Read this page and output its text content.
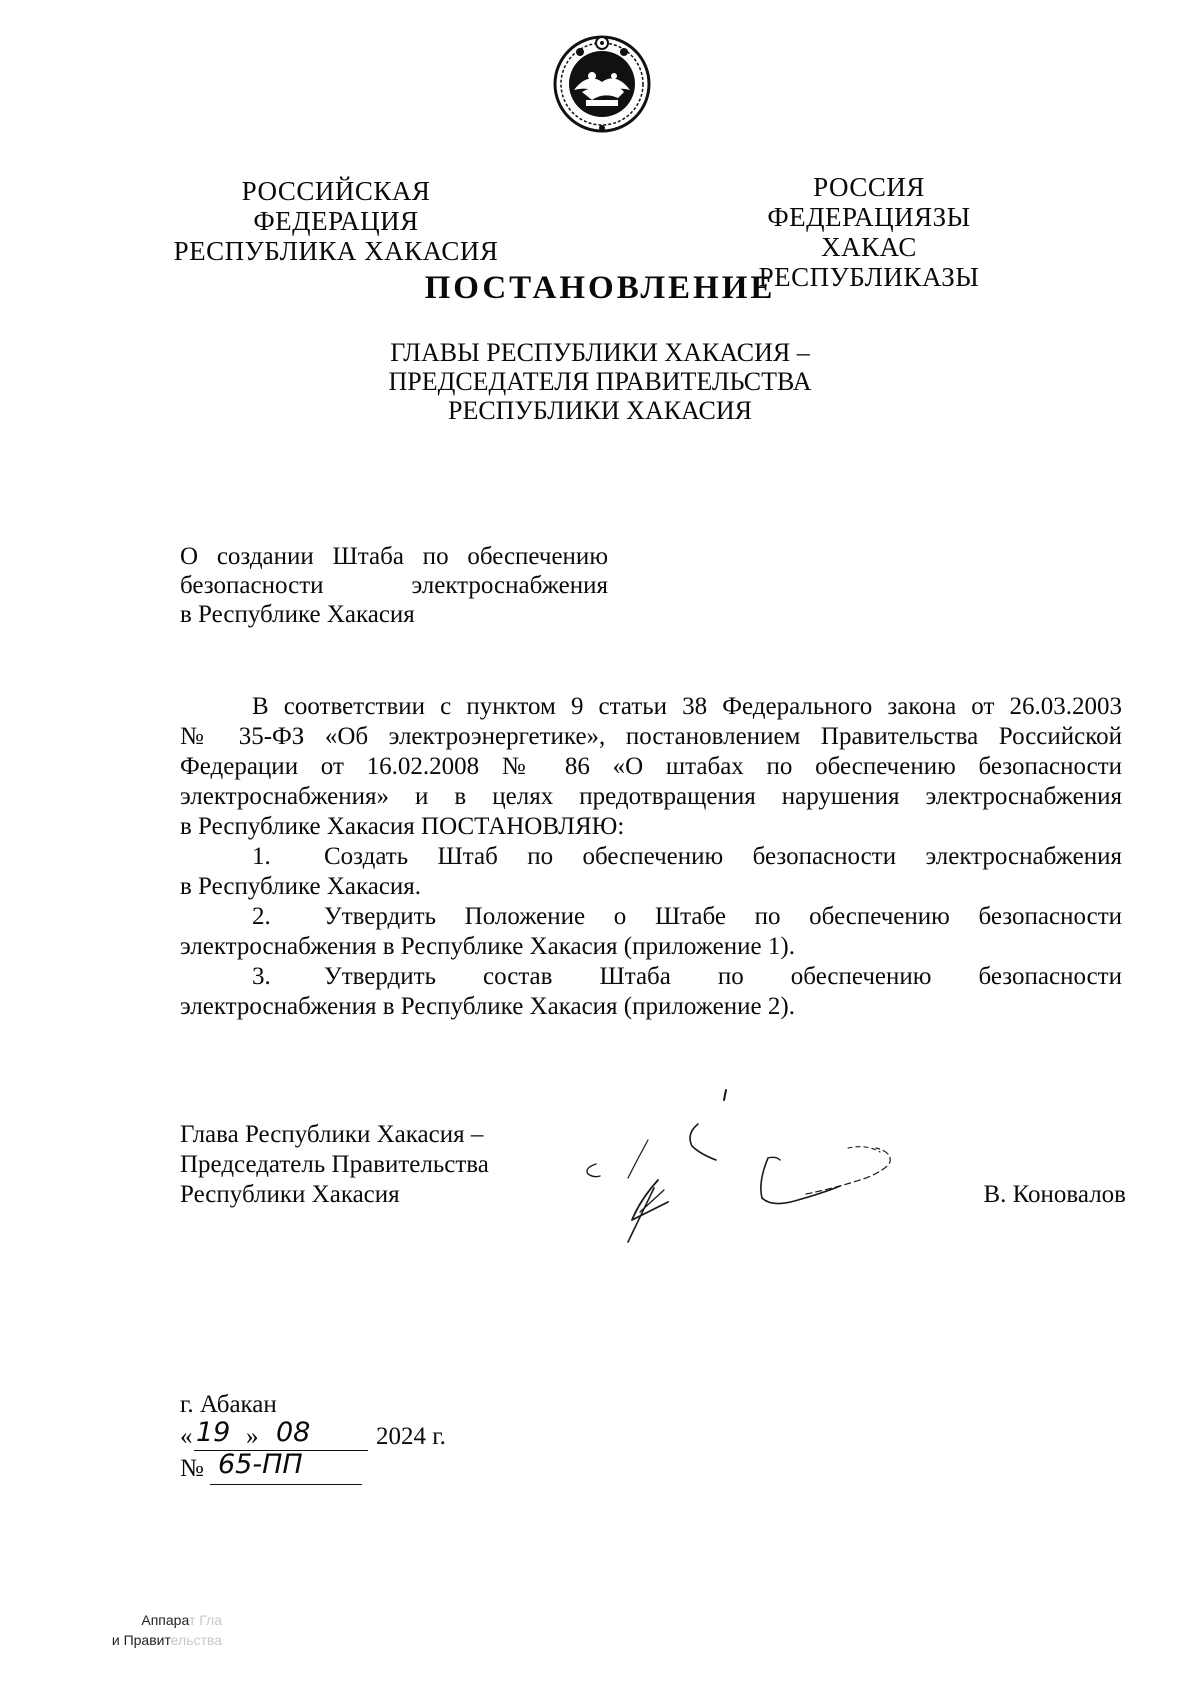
РОССИЙСКАЯ ФЕДЕРАЦИЯ
РЕСПУБЛИКА ХАКАСИЯ
РОССИЯ ФЕДЕРАЦИЯЗЫ
ХАКАС РЕСПУБЛИКАЗЫ
ПОСТАНОВЛЕНИЕ
ГЛАВЫ РЕСПУБЛИКИ ХАКАСИЯ –
ПРЕДСЕДАТЕЛЯ ПРАВИТЕЛЬСТВА
РЕСПУБЛИКИ ХАКАСИЯ
О создании Штаба по обеспечению
безопасности электроснабжения
в Республике Хакасия
В соответствии с пунктом 9 статьи 38 Федерального закона от 26.03.2003
№ 35-ФЗ «Об электроэнергетике», постановлением Правительства Российской
Федерации от 16.02.2008 № 86 «О штабах по обеспечению безопасности
электроснабжения» и в целях предотвращения нарушения электроснабжения
в Республике Хакасия ПОСТАНОВЛЯЮ:
1.	Создать Штаб по обеспечению безопасности электроснабжения
в Республике Хакасия.
2.	Утвердить Положение о Штабе по обеспечению безопасности
электроснабжения в Республике Хакасия (приложение 1).
3.	Утвердить состав Штаба по обеспечению безопасности
электроснабжения в Республике Хакасия (приложение 2).
Глава Республики Хакасия –
Председатель Правительства
Республики Хакасия	В. Коновалов
г. Абакан
« 19 » 08	2024 г.
№ 65-ПП
Аппарат Гла
и Правительства
